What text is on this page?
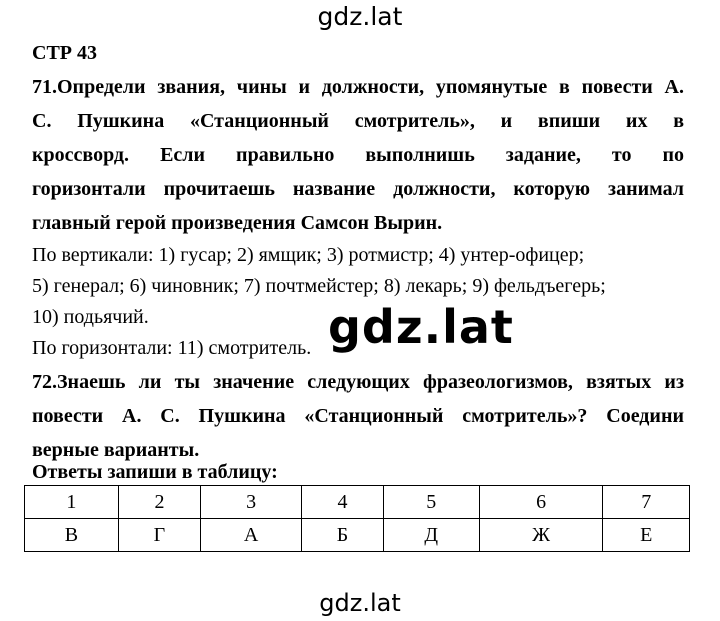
gdz.lat
СТР 43
71.Определи звания, чины и должности, упомянутые в повести А.
С. Пушкина «Станционный смотритель», и впиши их в
кроссворд. Если правильно выполнишь задание, то по
горизонтали прочитаешь название должности, которую занимал
главный герой произведения Самсон Вырин.
По вертикали: 1) гусар; 2) ямщик; 3) ротмистр; 4) унтер-офицер;
5) генерал; 6) чиновник; 7) почтмейстер; 8) лекарь; 9) фельдъегерь;
10) подьячий.
По горизонтали: 11) смотритель.
72.Знаешь ли ты значение следующих фразеологизмов, взятых из
повести А. С. Пушкина «Станционный смотритель»? Соедини
верные варианты.
Ответы запиши в таблицу:
1	2	3	4	5	6	7
В	Г	А	Б	Д	Ж	Е
gdz.lat
gdz.lat
